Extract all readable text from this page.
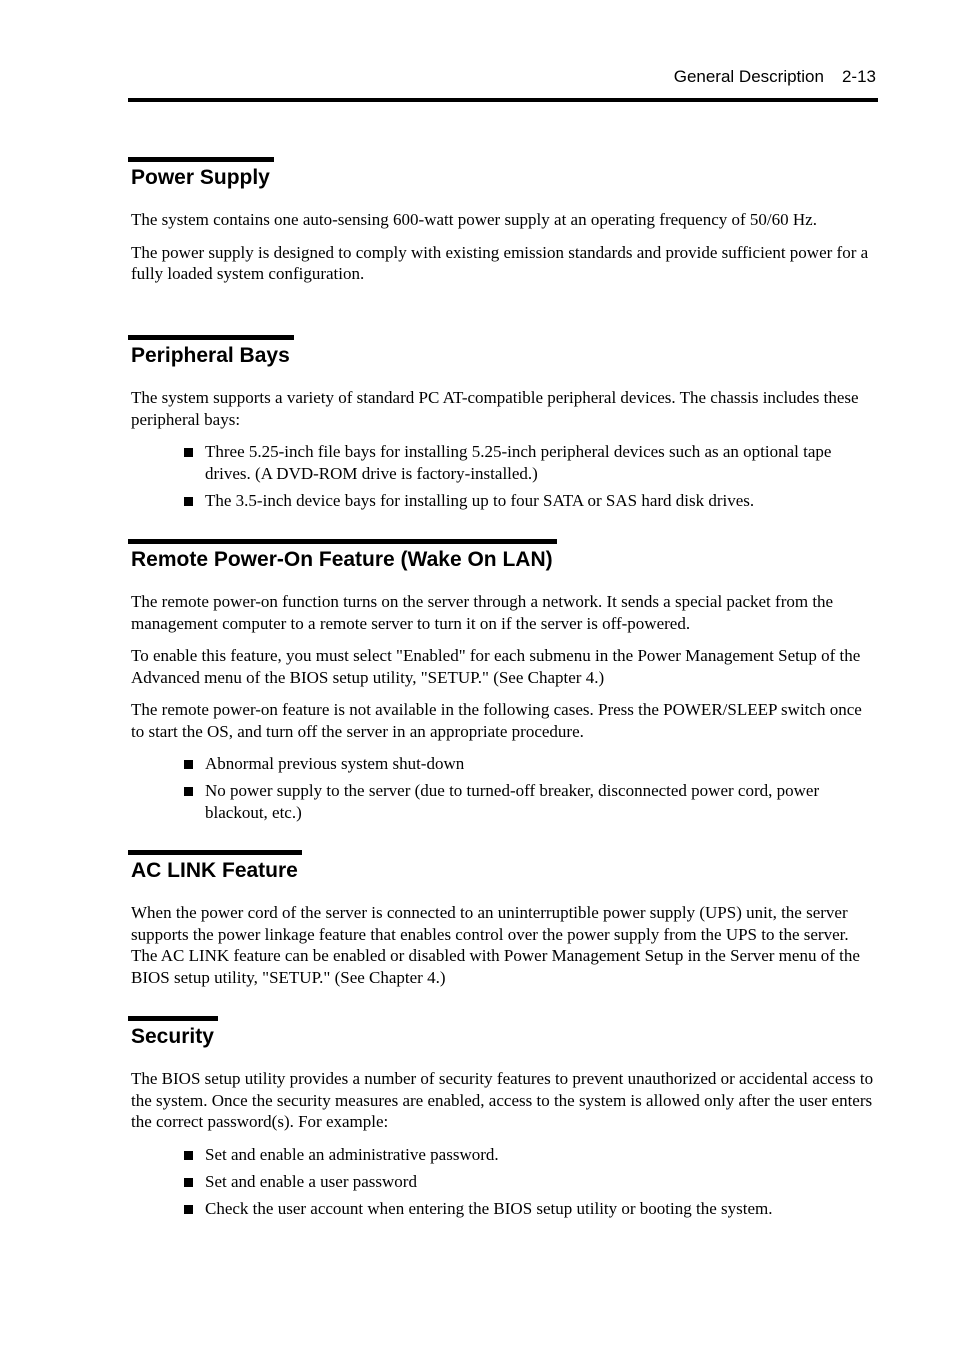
General Description 2-13
Power Supply

The system contains one auto-sensing 600-watt power supply at an operating frequency of 50/60 Hz.

The power supply is designed to comply with existing emission standards and provide sufficient power for a fully loaded system configuration.

Peripheral Bays

The system supports a variety of standard PC AT-compatible peripheral devices. The chassis includes these peripheral bays:

Three 5.25-inch file bays for installing 5.25-inch peripheral devices such as an optional tape drives. (A DVD-ROM drive is factory-installed.)
The 3.5-inch device bays for installing up to four SATA or SAS hard disk drives.
Remote Power-On Feature (Wake On LAN)

The remote power-on function turns on the server through a network. It sends a special packet from the management computer to a remote server to turn it on if the server is off-powered.

To enable this feature, you must select "Enabled" for each submenu in the Power Management Setup of the Advanced menu of the BIOS setup utility, "SETUP." (See Chapter 4.)

The remote power-on feature is not available in the following cases. Press the POWER/SLEEP switch once to start the OS, and turn off the server in an appropriate procedure.

Abnormal previous system shut-down
No power supply to the server (due to turned-off breaker, disconnected power cord, power blackout, etc.)
AC LINK Feature

When the power cord of the server is connected to an uninterruptible power supply (UPS) unit, the server supports the power linkage feature that enables control over the power supply from the UPS to the server. The AC LINK feature can be enabled or disabled with Power Management Setup in the Server menu of the BIOS setup utility, "SETUP." (See Chapter 4.)

Security

The BIOS setup utility provides a number of security features to prevent unauthorized or accidental access to the system. Once the security measures are enabled, access to the system is allowed only after the user enters the correct password(s). For example:

Set and enable an administrative password.
Set and enable a user password
Check the user account when entering the BIOS setup utility or booting the system.
